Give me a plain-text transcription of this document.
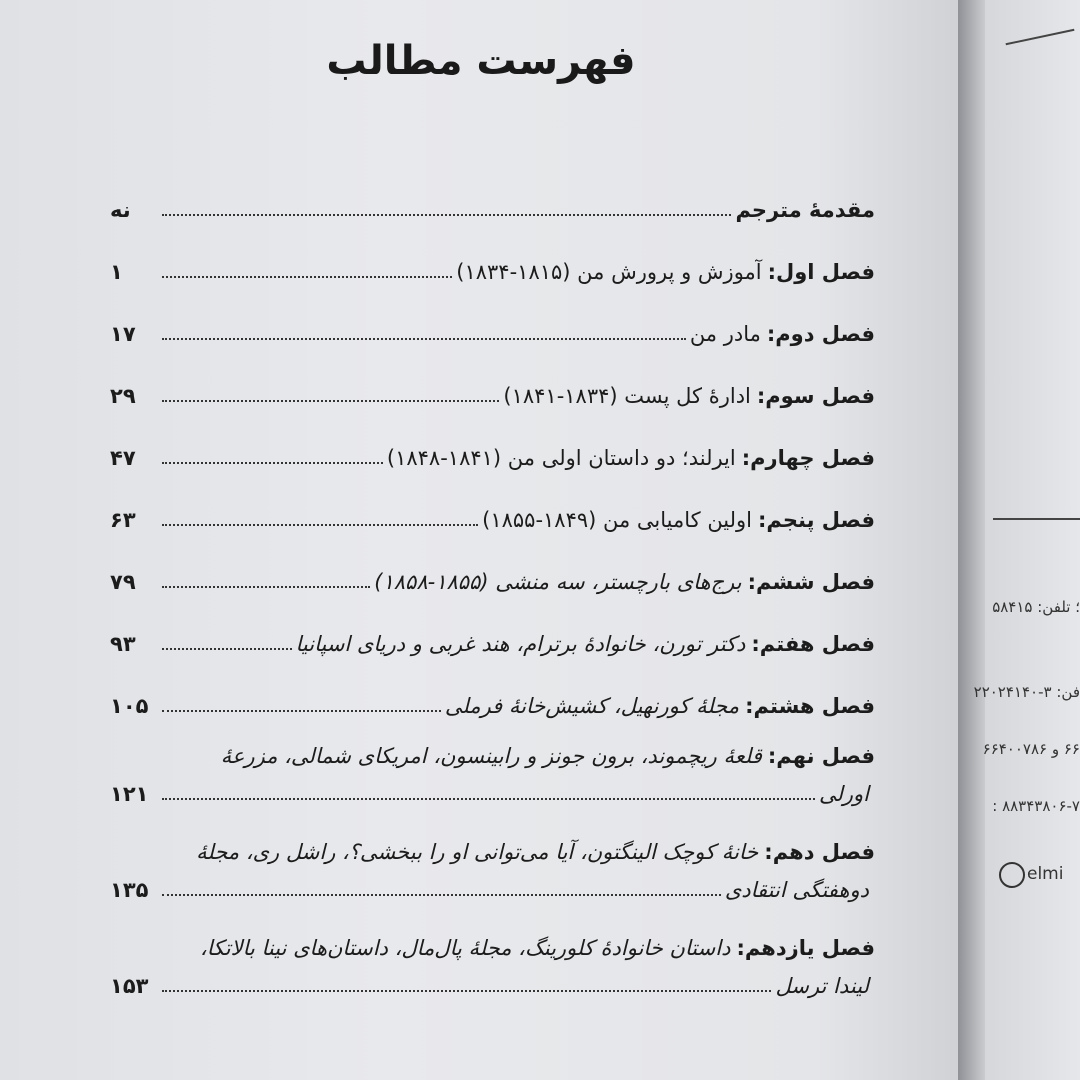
فهرست مطالب
مقدمهٔ مترجم
نه
فصل اول:
آموزش و پرورش من (۱۸۱۵-۱۸۳۴)
۱
فصل دوم:
مادر من
۱۷
فصل سوم:
ادارهٔ کل پست (۱۸۳۴-۱۸۴۱)
۲۹
فصل چهارم:
ایرلند؛ دو داستان اولی من (۱۸۴۱-۱۸۴۸)
۴۷
فصل پنجم:
اولین کامیابی من (۱۸۴۹-۱۸۵۵)
۶۳
فصل ششم:
برج‌های بارچستر، سه منشی (۱۸۵۵-۱۸۵۸)
۷۹
فصل هفتم:
دکتر تورن، خانوادهٔ برترام، هند غربی و دریای اسپانیا
۹۳
فصل هشتم:
مجلهٔ کورنهیل، کشیش‌خانهٔ فرملی
۱۰۵
فصل نهم:
قلعهٔ ریچموند، برون جونز و رابینسون، امریکای شمالی، مزرعهٔ
اورلی
۱۲۱
فصل دهم:
خانهٔ کوچک الینگتون، آیا می‌توانی او را ببخشی؟، راشل ری، مجلهٔ
دوهفتگی انتقادی
۱۳۵
فصل یازدهم:
داستان خانوادهٔ کلورینگ، مجلهٔ پال‌مال، داستان‌های نینا بالاتکا،
لیندا ترسل
۱۵۳
؛ تلفن: ۵۸۴۱۵
فن: ۳-۲۲۰۲۴۱۴۰
۶۶ و ۶۶۴۰۰۷۸۶
۸۸۳۴۳۸۰۶-۷ :
elmi
